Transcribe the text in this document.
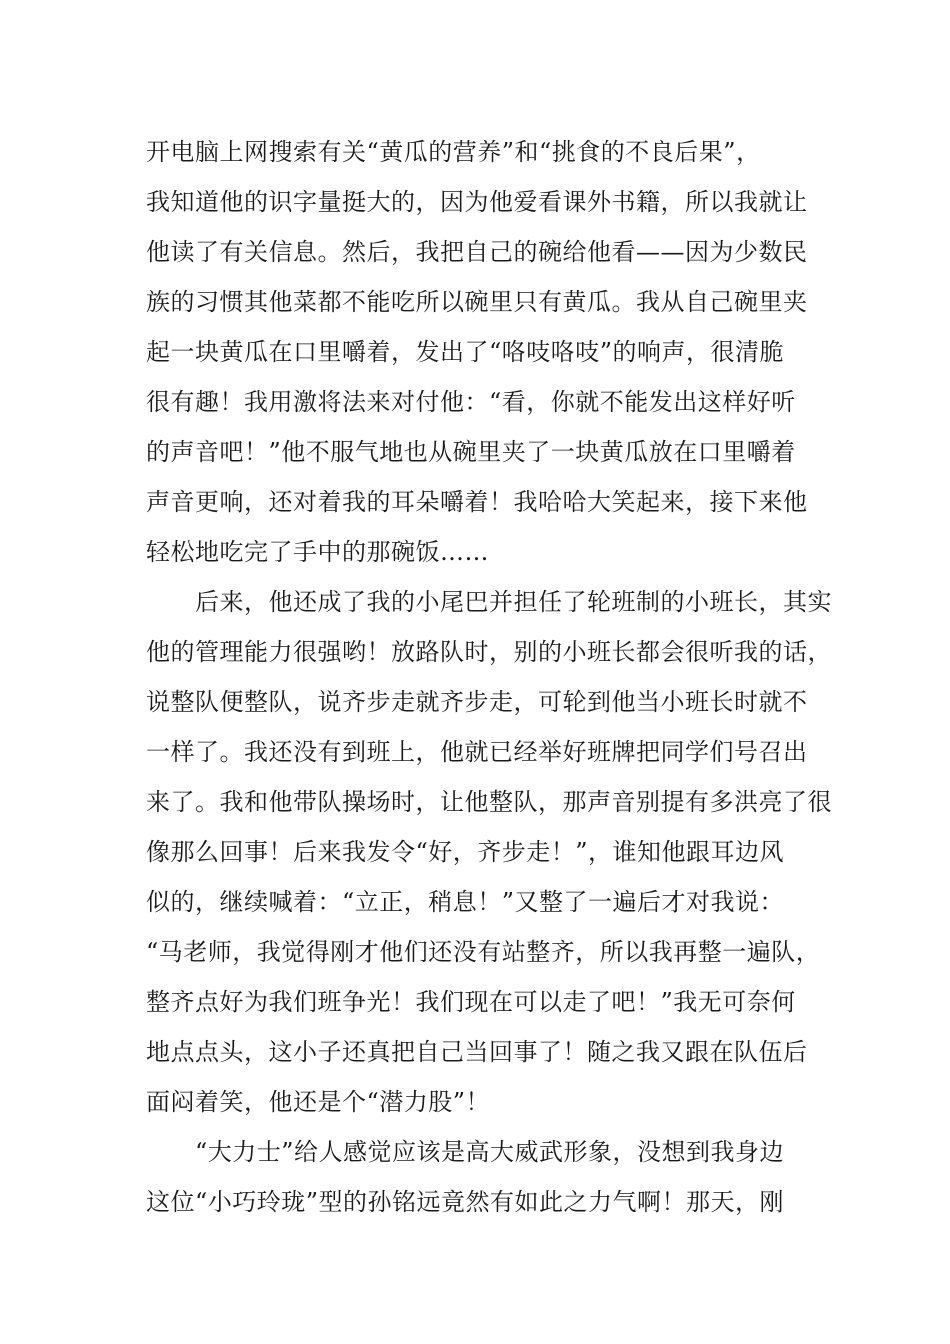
开电脑上网搜索有关“黄瓜的营养”和“挑食的不良后果”，
我知道他的识字量挺大的，因为他爱看课外书籍，所以我就让
他读了有关信息。然后，我把自己的碗给他看——因为少数民
族的习惯其他菜都不能吃所以碗里只有黄瓜。我从自己碗里夹
起一块黄瓜在口里嚼着，发出了“咯吱咯吱”的响声，很清脆
很有趣！我用激将法来对付他：“看，你就不能发出这样好听
的声音吧！”他不服气地也从碗里夹了一块黄瓜放在口里嚼着
声音更响，还对着我的耳朵嚼着！我哈哈大笑起来，接下来他
轻松地吃完了手中的那碗饭……
　　后来，他还成了我的小尾巴并担任了轮班制的小班长，其实
他的管理能力很强哟！放路队时，别的小班长都会很听我的话，
说整队便整队，说齐步走就齐步走，可轮到他当小班长时就不
一样了。我还没有到班上，他就已经举好班牌把同学们号召出
来了。我和他带队操场时，让他整队，那声音别提有多洪亮了很
像那么回事！后来我发令“好，齐步走！”，谁知他跟耳边风
似的，继续喊着：“立正，稍息！”又整了一遍后才对我说：
“马老师，我觉得刚才他们还没有站整齐，所以我再整一遍队，
整齐点好为我们班争光！我们现在可以走了吧！”我无可奈何
地点点头，这小子还真把自己当回事了！随之我又跟在队伍后
面闷着笑，他还是个“潜力股”！
　　“大力士”给人感觉应该是高大威武形象，没想到我身边
这位“小巧玲珑”型的孙铭远竟然有如此之力气啊！那天，刚
